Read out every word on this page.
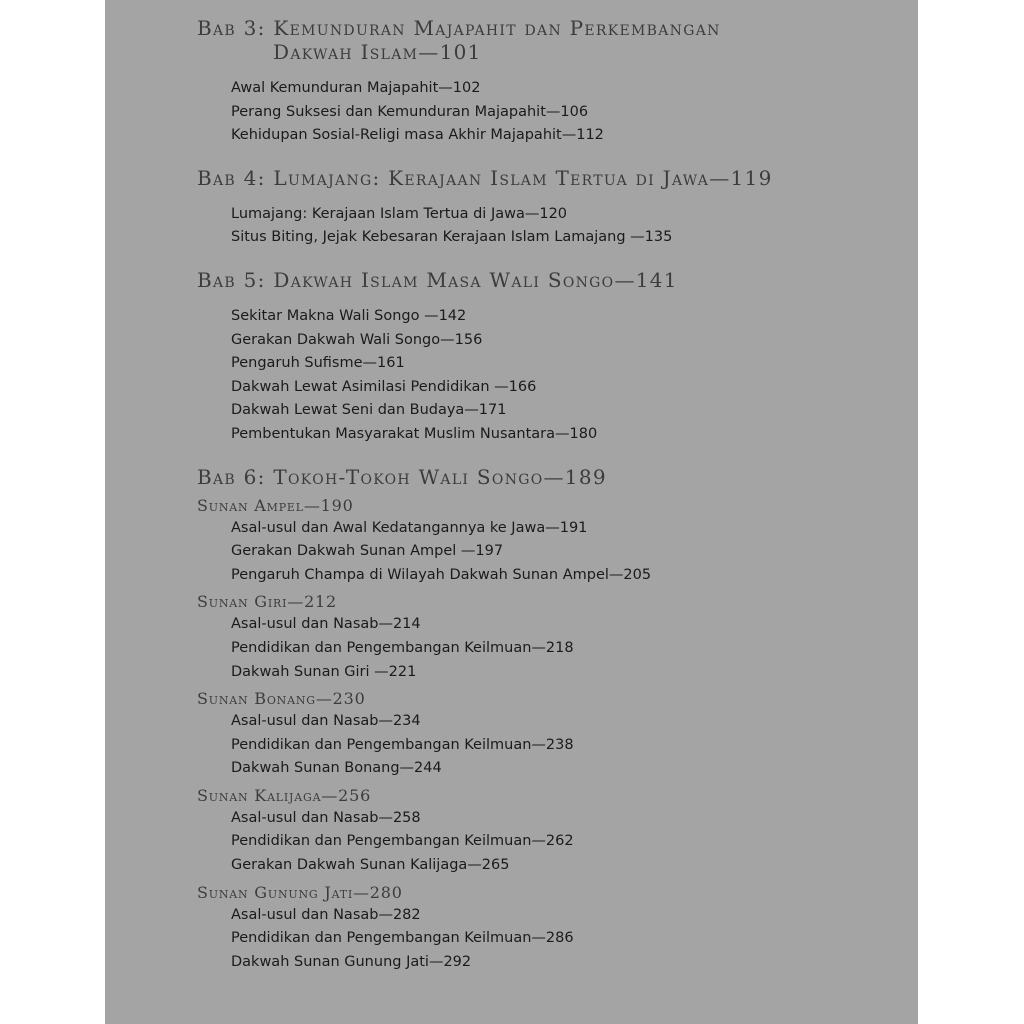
Bab 3: Kemunduran Majapahit dan Perkembangan
Dakwah Islam—101
Awal Kemunduran Majapahit—102
Perang Suksesi dan Kemunduran Majapahit—106
Kehidupan Sosial-Religi masa Akhir Majapahit—112
Bab 4: Lumajang: Kerajaan Islam Tertua di Jawa—119
Lumajang: Kerajaan Islam Tertua di Jawa—120
Situs Biting, Jejak Kebesaran Kerajaan Islam Lamajang —135
Bab 5: Dakwah Islam Masa Wali Songo—141
Sekitar Makna Wali Songo —142
Gerakan Dakwah Wali Songo—156
Pengaruh Sufisme—161
Dakwah Lewat Asimilasi Pendidikan —166
Dakwah Lewat Seni dan Budaya—171
Pembentukan Masyarakat Muslim Nusantara—180
Bab 6: Tokoh-Tokoh Wali Songo—189
Sunan Ampel—190
Asal-usul dan Awal Kedatangannya ke Jawa—191
Gerakan Dakwah Sunan Ampel —197
Pengaruh Champa di Wilayah Dakwah Sunan Ampel—205
Sunan Giri—212
Asal-usul dan Nasab—214
Pendidikan dan Pengembangan Keilmuan—218
Dakwah Sunan Giri —221
Sunan Bonang—230
Asal-usul dan Nasab—234
Pendidikan dan Pengembangan Keilmuan—238
Dakwah Sunan Bonang—244
Sunan Kalijaga—256
Asal-usul dan Nasab—258
Pendidikan dan Pengembangan Keilmuan—262
Gerakan Dakwah Sunan Kalijaga—265
Sunan Gunung Jati—280
Asal-usul dan Nasab—282
Pendidikan dan Pengembangan Keilmuan—286
Dakwah Sunan Gunung Jati—292
